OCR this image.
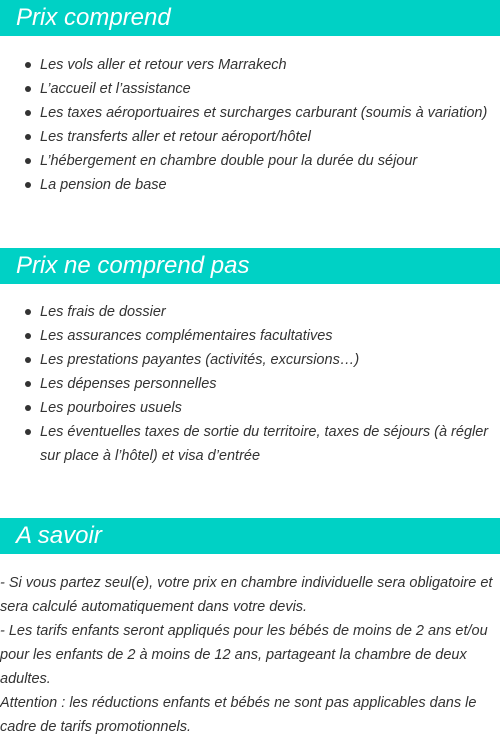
Prix comprend
Les vols aller et retour vers Marrakech
L’accueil et l’assistance
Les taxes aéroportuaires et surcharges carburant (soumis à variation)
Les transferts aller et retour aéroport/hôtel
L’hébergement en chambre double pour la durée du séjour
La pension de base
Prix ne comprend pas
Les frais de dossier
Les assurances complémentaires facultatives
Les prestations payantes (activités, excursions…)
Les dépenses personnelles
Les pourboires usuels
Les éventuelles taxes de sortie du territoire, taxes de séjours (à régler sur place à l’hôtel) et visa d’entrée
A savoir
- Si vous partez seul(e), votre prix en chambre individuelle sera obligatoire et sera calculé automatiquement dans votre devis.
- Les tarifs enfants seront appliqués pour les bébés de moins de 2 ans et/ou pour les enfants de 2 à moins de 12 ans, partageant la chambre de deux adultes.
Attention : les réductions enfants et bébés ne sont pas applicables dans le cadre de tarifs promotionnels.
